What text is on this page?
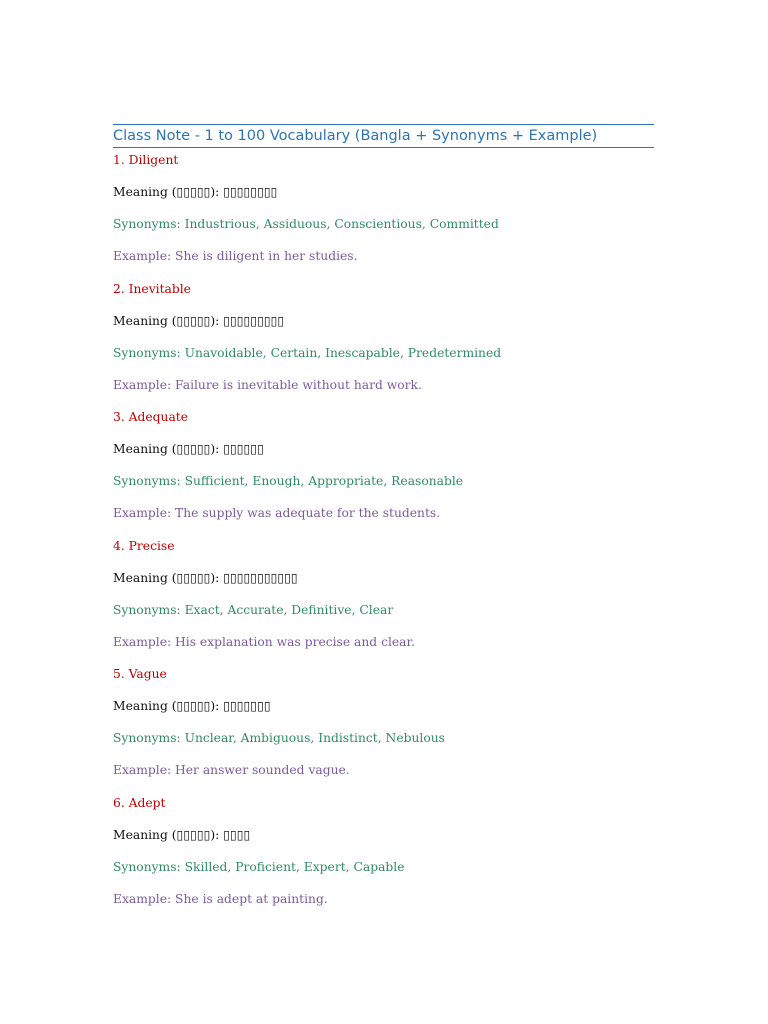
Class Note - 1 to 100 Vocabulary (Bangla + Synonyms + Example)
1. Diligent
Meaning (▯▯▯▯▯): ▯▯▯▯▯▯▯▯
Synonyms: Industrious, Assiduous, Conscientious, Committed
Example: She is diligent in her studies.
2. Inevitable
Meaning (▯▯▯▯▯): ▯▯▯▯▯▯▯▯▯
Synonyms: Unavoidable, Certain, Inescapable, Predetermined
Example: Failure is inevitable without hard work.
3. Adequate
Meaning (▯▯▯▯▯): ▯▯▯▯▯▯
Synonyms: Sufficient, Enough, Appropriate, Reasonable
Example: The supply was adequate for the students.
4. Precise
Meaning (▯▯▯▯▯): ▯▯▯▯▯▯▯▯▯▯▯
Synonyms: Exact, Accurate, Definitive, Clear
Example: His explanation was precise and clear.
5. Vague
Meaning (▯▯▯▯▯): ▯▯▯▯▯▯▯
Synonyms: Unclear, Ambiguous, Indistinct, Nebulous
Example: Her answer sounded vague.
6. Adept
Meaning (▯▯▯▯▯): ▯▯▯▯
Synonyms: Skilled, Proficient, Expert, Capable
Example: She is adept at painting.
